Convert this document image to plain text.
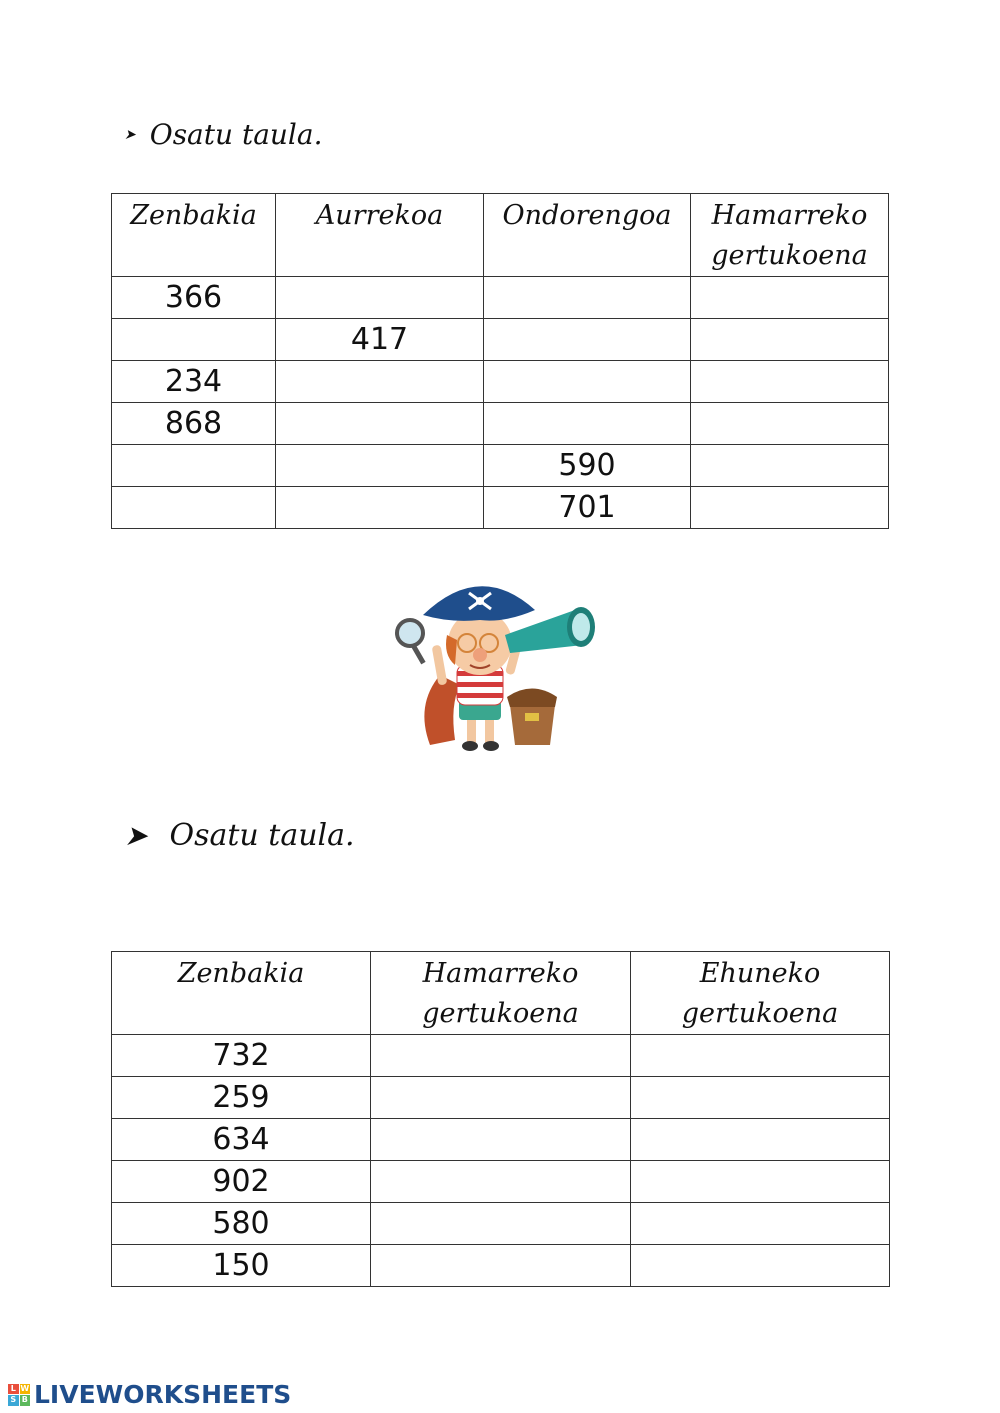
➤ Osatu taula.
Zenbakia	Aurrekoa	Ondorengoa	Hamarreko gertukoena
366			
	417		
234			
868			
		590	
		701	
➤ Osatu taula.
Zenbakia	Hamarreko gertukoena	Ehuneko gertukoena
732		
259		
634		
902		
580		
150		
L W
S B LIVEWORKSHEETS
